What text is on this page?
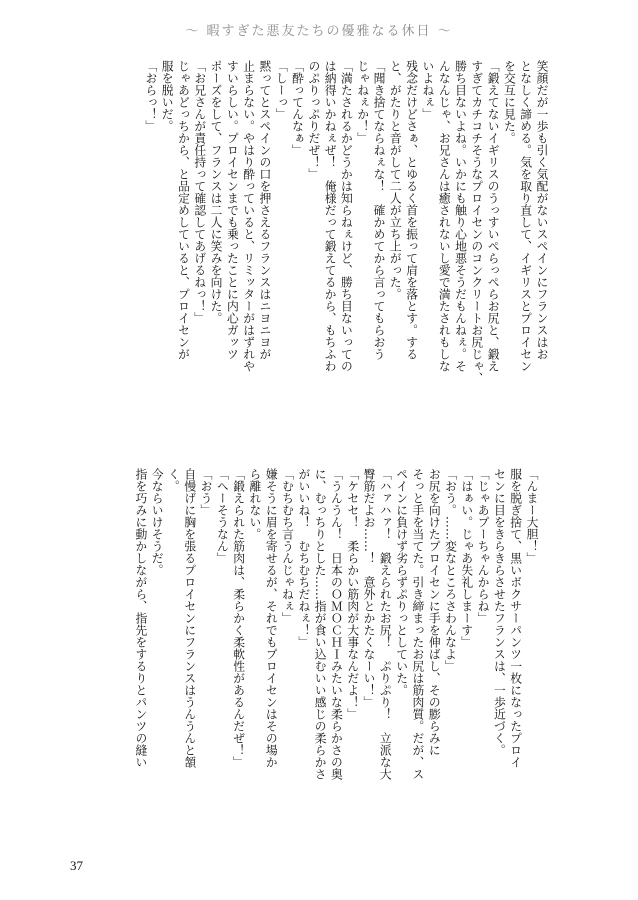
〜 暇すぎた悪友たちの優雅なる休日 〜

笑顔だが一歩も引く気配がないスペインにフランスはお

となしく諦める。気を取り直して、イギリスとプロイセン

を交互に見た。

「鍛えてないイギリスのうっすいぺらっぺらお尻と、鍛え

すぎてカチコチそうなプロイセンのコンクリートお尻じゃ、

勝ち目ないよね。いかにも触り心地悪そうだもんねぇ。そ

んなんじゃ、お兄さんは癒されないし愛で満たされもしな

いよねぇ」

残念だけどさぁ、とゆるく首を振って肩を落とす。する

と、がたりと音がして二人が立ち上がった。

「聞き捨てならねぇな！　確かめてから言ってもらおう

じゃねぇか！」

「満たされるかどうかは知らねぇけど、勝ち目ないっての

は納得いかねぇぜ！　俺様だって鍛えてるから、もちふわ

のぷりっぷりだぜ！」

「酔ってんなぁ」

「しーっ」

黙ってとスペインの口を押さえるフランスはニヨニヨが

止まらない。やはり酔っていると、リミッターがはずれや

すいらしい。プロイセンまでも乗ったことに内心ガッツ

ポーズをして、フランスは二人に笑みを向けた。

「お兄さんが責任持って確認してあげるねっ！」

じゃあどっちから、と品定めしていると、プロイセンが

服を脱いだ。

「おらっ！」

「んまー大胆！」

服を脱ぎ捨て、黒いボクサーパンツ一枚になったプロイ

センに目をきらきらさせたフランスは、一歩近づく。

「じゃあプーちゃんからね」

「はぁい。じゃあ失礼しまーす」

「おう。……変なところさわんなよ」

お尻を向けたプロイセンに手を伸ばし、その膨らみに

そっと手を当てた。引き締まったお尻は筋肉質。だが、ス

ペインに負けず劣らずぷりっとしていた。

「ハァハァ！　鍛えられたお尻！　ぷりぷり！　立派な大

臀筋だよお……！　意外とかたくなーい！」

「ケセセ！　柔らかい筋肉が大事なんだよ！」

「うんうん！　日本のＯＭＯＣＨＩみたいな柔らかさの奥

に、むっちりとした……指が食い込むいい感じの柔らかさ

がいいね！　むちむちだねぇ！」

「むちむち言うんじゃねぇ」

嫌そうに眉を寄せるが、それでもプロイセンはその場か

ら離れない。

「鍛えられた筋肉は、柔らかく柔軟性があるんだぜ！」

「へーそうなん」

「おう」

自慢げに胸を張るプロイセンにフランスはうんうんと頷

く。

今ならいけそうだ。

指を巧みに動かしながら、指先をするりとパンツの縫い

37
